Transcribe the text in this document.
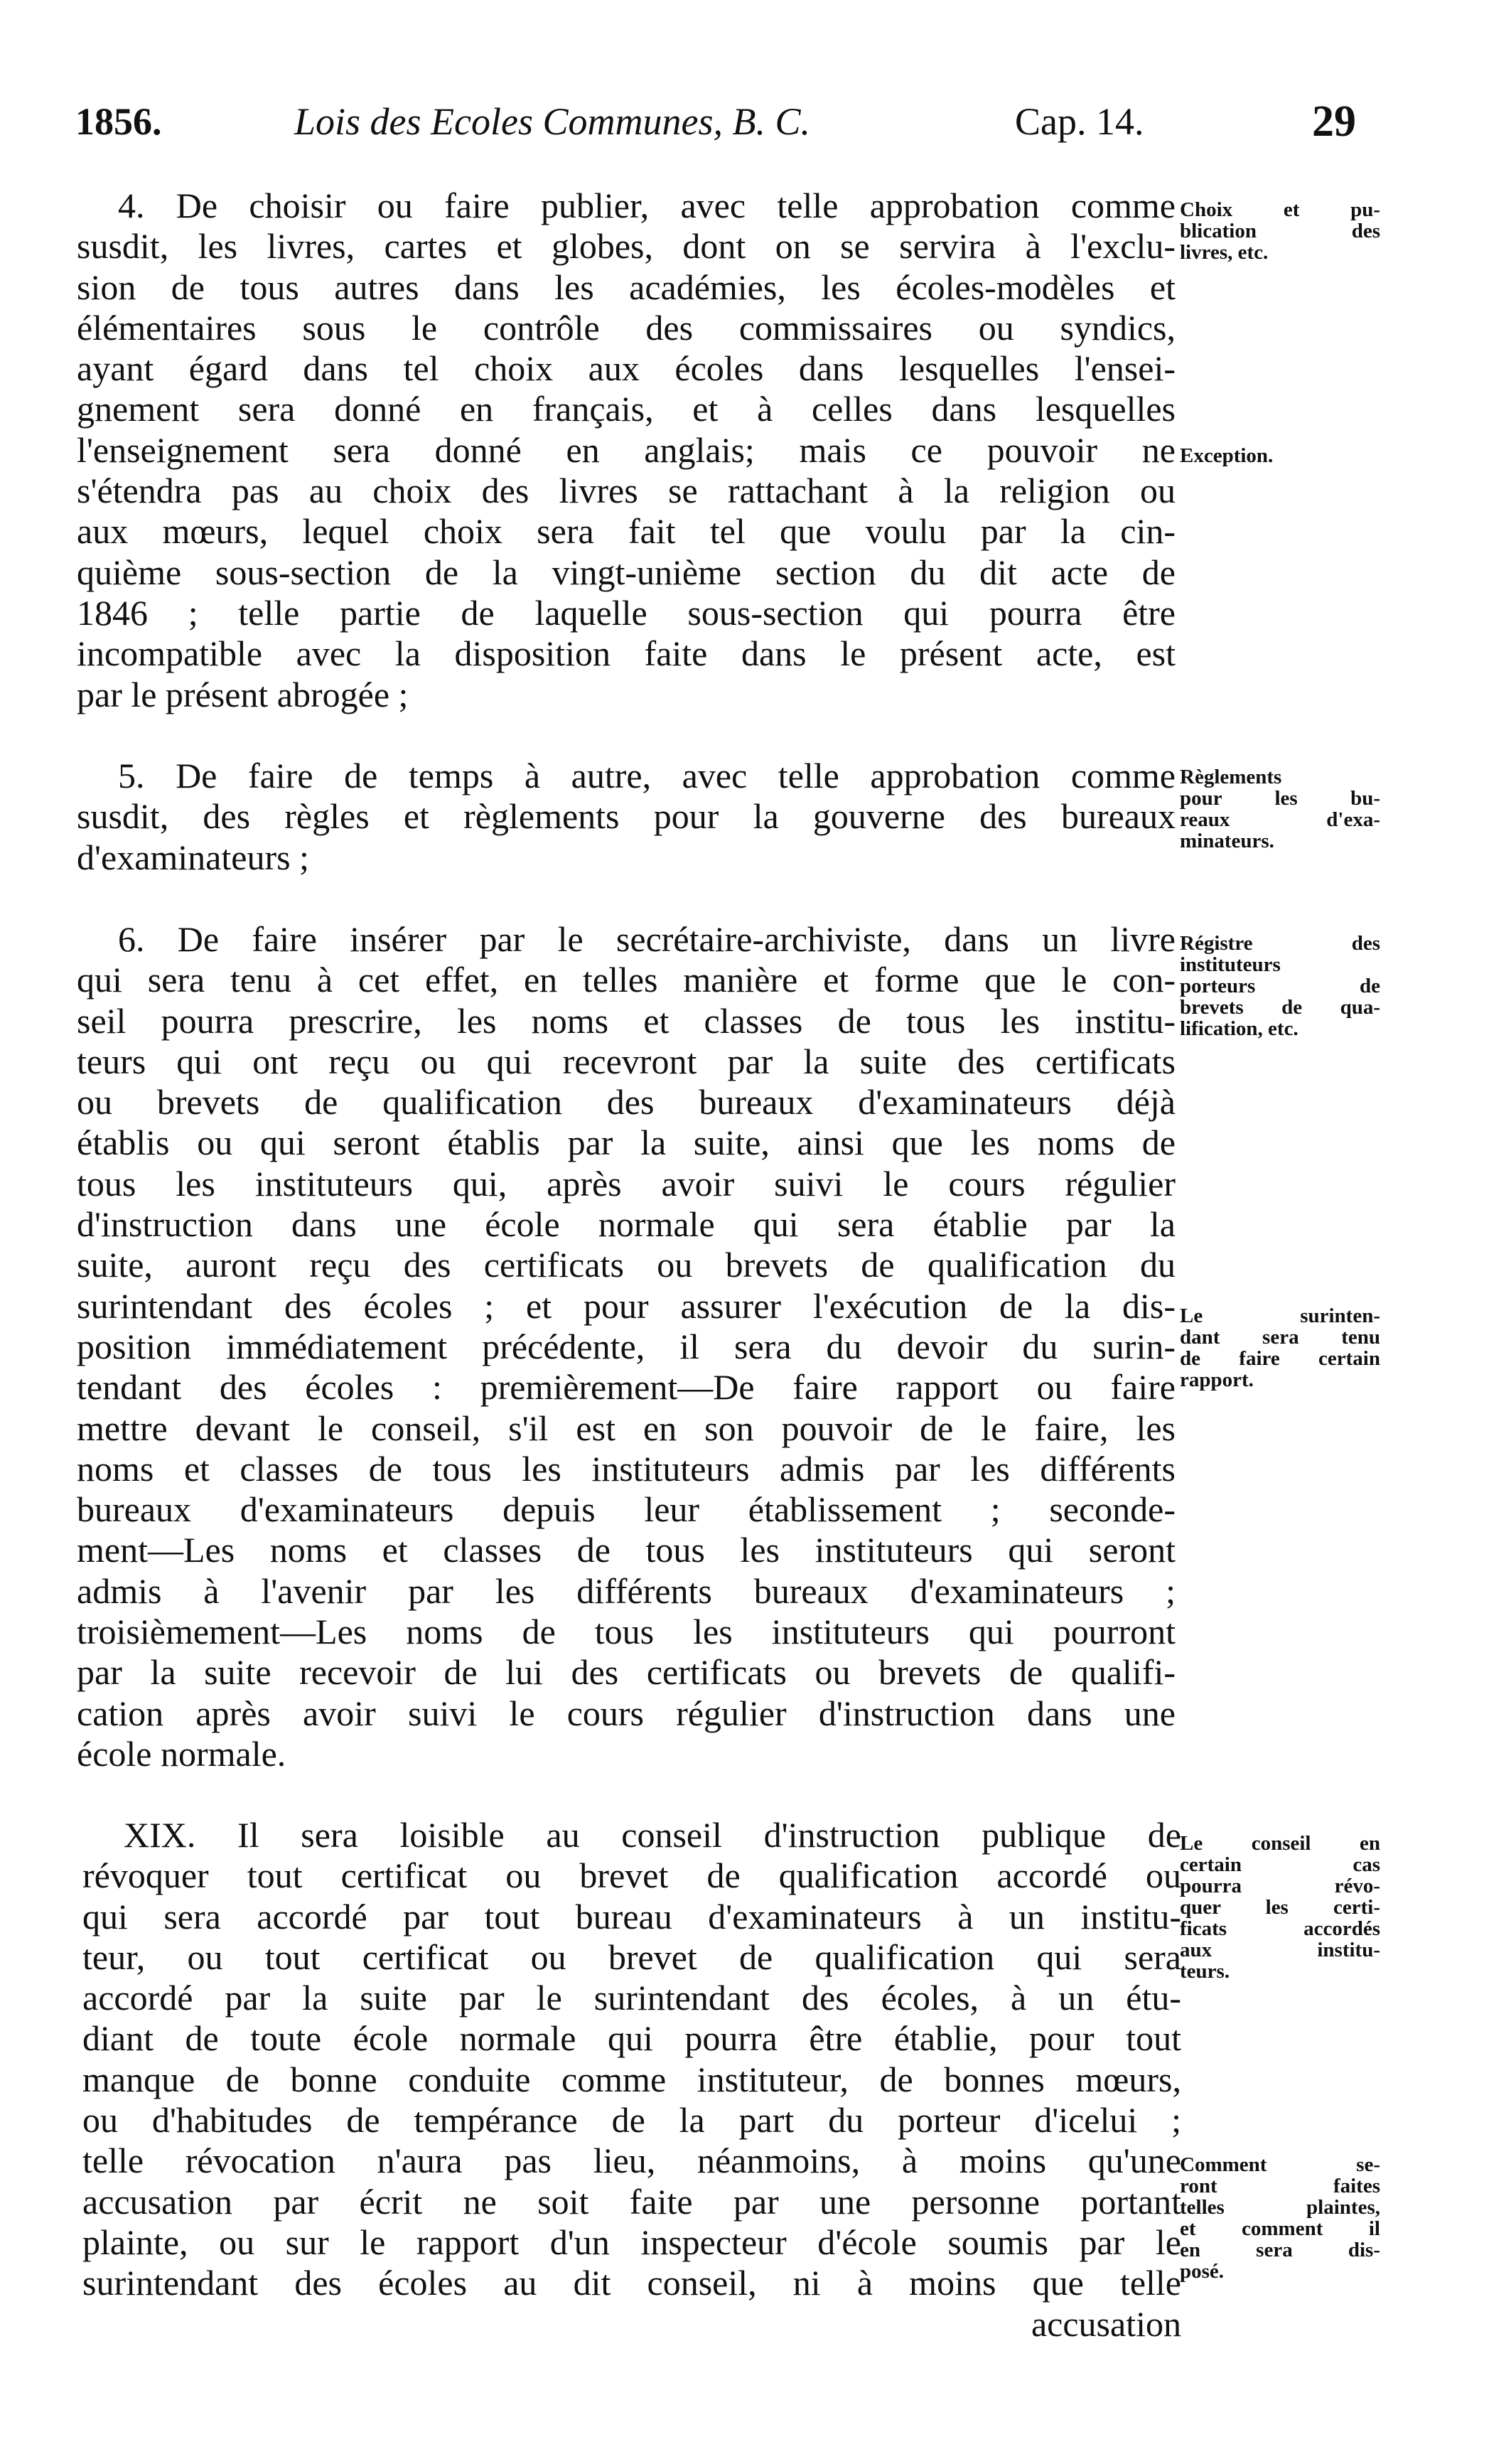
1856.	Lois des Ecoles Communes, B. C.	Cap. 14.	29
4. De choisir ou faire publier, avec telle approbation comme
susdit, les livres, cartes et globes, dont on se servira à l'exclu-
sion de tous autres dans les académies, les écoles-modèles et
élémentaires sous le contrôle des commissaires ou syndics,
ayant égard dans tel choix aux écoles dans lesquelles l'ensei-
gnement sera donné en français, et à celles dans lesquelles
l'enseignement sera donné en anglais; mais ce pouvoir ne
s'étendra pas au choix des livres se rattachant à la religion ou
aux mœurs, lequel choix sera fait tel que voulu par la cin-
quième sous-section de la vingt-unième section du dit acte de
1846 ; telle partie de laquelle sous-section qui pourra être
incompatible avec la disposition faite dans le présent acte, est
par le présent abrogée ;
5. De faire de temps à autre, avec telle approbation comme
susdit, des règles et règlements pour la gouverne des bureaux
d'examinateurs ;
6. De faire insérer par le secrétaire-archiviste, dans un livre
qui sera tenu à cet effet, en telles manière et forme que le con-
seil pourra prescrire, les noms et classes de tous les institu-
teurs qui ont reçu ou qui recevront par la suite des certificats
ou brevets de qualification des bureaux d'examinateurs déjà
établis ou qui seront établis par la suite, ainsi que les noms de
tous les instituteurs qui, après avoir suivi le cours régulier
d'instruction dans une école normale qui sera établie par la
suite, auront reçu des certificats ou brevets de qualification du
surintendant des écoles ; et pour assurer l'exécution de la dis-
position immédiatement précédente, il sera du devoir du surin-
tendant des écoles : premièrement—De faire rapport ou faire
mettre devant le conseil, s'il est en son pouvoir de le faire, les
noms et classes de tous les instituteurs admis par les différents
bureaux d'examinateurs depuis leur établissement ; seconde-
ment—Les noms et classes de tous les instituteurs qui seront
admis à l'avenir par les différents bureaux d'examinateurs ;
troisièmement—Les noms de tous les instituteurs qui pourront
par la suite recevoir de lui des certificats ou brevets de qualifi-
cation après avoir suivi le cours régulier d'instruction dans une
école normale.
XIX. Il sera loisible au conseil d'instruction publique de
révoquer tout certificat ou brevet de qualification accordé ou
qui sera accordé par tout bureau d'examinateurs à un institu-
teur, ou tout certificat ou brevet de qualification qui sera
accordé par la suite par le surintendant des écoles, à un étu-
diant de toute école normale qui pourra être établie, pour tout
manque de bonne conduite comme instituteur, de bonnes mœurs,
ou d'habitudes de tempérance de la part du porteur d'icelui ;
telle révocation n'aura pas lieu, néanmoins, à moins qu'une
accusation par écrit ne soit faite par une personne portant
plainte, ou sur le rapport d'un inspecteur d'école soumis par le
surintendant des écoles au dit conseil, ni à moins que telle
accusation
Choix et pu-
blication des
livres, etc.
Exception.
Règlements
pour les bu-
reaux d'exa-
minateurs.
Régistre des
instituteurs
porteurs de
brevets de qua-
lification, etc.
Le surinten-
dant sera tenu
de faire certain
rapport.
Le conseil en
certain cas
pourra révo-
quer les certi-
ficats accordés
aux institu-
teurs.
Comment se-
ront faites
telles plaintes,
et comment il
en sera dis-
posé.
